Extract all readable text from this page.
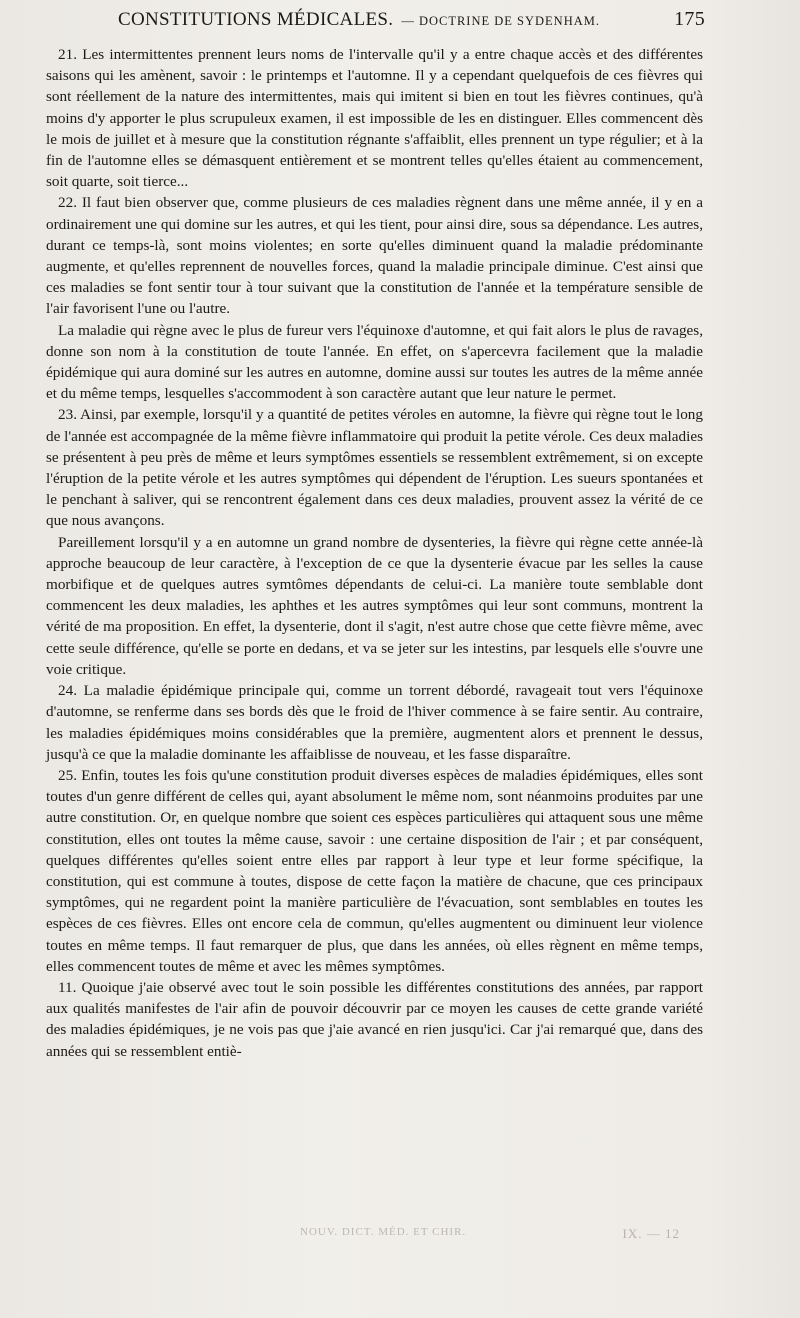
CONSTITUTIONS MÉDICALES. — DOCTRINE DE SYDENHAM.	175

21. Les intermittentes prennent leurs noms de l'intervalle qu'il y a entre chaque accès et des différentes saisons qui les amènent, savoir : le printemps et l'automne. Il y a cependant quelquefois de ces fièvres qui sont réellement de la nature des intermittentes, mais qui imitent si bien en tout les fièvres continues, qu'à moins d'y apporter le plus scrupuleux examen, il est impossible de les en distinguer. Elles commencent dès le mois de juillet et à mesure que la constitution régnante s'affaiblit, elles prennent un type régulier; et à la fin de l'automne elles se démasquent entièrement et se montrent telles qu'elles étaient au commencement, soit quarte, soit tierce...

22. Il faut bien observer que, comme plusieurs de ces maladies règnent dans une même année, il y en a ordinairement une qui domine sur les autres, et qui les tient, pour ainsi dire, sous sa dépendance. Les autres, durant ce temps-là, sont moins violentes; en sorte qu'elles diminuent quand la maladie prédominante augmente, et qu'elles reprennent de nouvelles forces, quand la maladie principale diminue. C'est ainsi que ces maladies se font sentir tour à tour suivant que la constitution de l'année et la température sensible de l'air favorisent l'une ou l'autre.

La maladie qui règne avec le plus de fureur vers l'équinoxe d'automne, et qui fait alors le plus de ravages, donne son nom à la constitution de toute l'année. En effet, on s'apercevra facilement que la maladie épidémique qui aura dominé sur les autres en automne, domine aussi sur toutes les autres de la même année et du même temps, lesquelles s'accommodent à son caractère autant que leur nature le permet.

23. Ainsi, par exemple, lorsqu'il y a quantité de petites véroles en automne, la fièvre qui règne tout le long de l'année est accompagnée de la même fièvre inflammatoire qui produit la petite vérole. Ces deux maladies se présentent à peu près de même et leurs symptômes essentiels se ressemblent extrêmement, si on excepte l'éruption de la petite vérole et les autres symptômes qui dépendent de l'éruption. Les sueurs spontanées et le penchant à saliver, qui se rencontrent également dans ces deux maladies, prouvent assez la vérité de ce que nous avançons.

Pareillement lorsqu'il y a en automne un grand nombre de dysenteries, la fièvre qui règne cette année-là approche beaucoup de leur caractère, à l'exception de ce que la dysenterie évacue par les selles la cause morbifique et de quelques autres symtômes dépendants de celui-ci. La manière toute semblable dont commencent les deux maladies, les aphthes et les autres symptômes qui leur sont communs, montrent la vérité de ma proposition. En effet, la dysenterie, dont il s'agit, n'est autre chose que cette fièvre même, avec cette seule différence, qu'elle se porte en dedans, et va se jeter sur les intestins, par lesquels elle s'ouvre une voie critique.

24. La maladie épidémique principale qui, comme un torrent débordé, ravageait tout vers l'équinoxe d'automne, se renferme dans ses bords dès que le froid de l'hiver commence à se faire sentir. Au contraire, les maladies épidémiques moins considérables que la première, augmentent alors et prennent le dessus, jusqu'à ce que la maladie dominante les affaiblisse de nouveau, et les fasse disparaître.

25. Enfin, toutes les fois qu'une constitution produit diverses espèces de maladies épidémiques, elles sont toutes d'un genre différent de celles qui, ayant absolument le même nom, sont néanmoins produites par une autre constitution. Or, en quelque nombre que soient ces espèces particulières qui attaquent sous une même constitution, elles ont toutes la même cause, savoir : une certaine disposition de l'air ; et par conséquent, quelques différentes qu'elles soient entre elles par rapport à leur type et leur forme spécifique, la constitution, qui est commune à toutes, dispose de cette façon la matière de chacune, que ces principaux symptômes, qui ne regardent point la manière particulière de l'évacuation, sont semblables en toutes les espèces de ces fièvres. Elles ont encore cela de commun, qu'elles augmentent ou diminuent leur violence toutes en même temps. Il faut remarquer de plus, que dans les années, où elles règnent en même temps, elles commencent toutes de même et avec les mêmes symptômes.

11. Quoique j'aie observé avec tout le soin possible les différentes constitutions des années, par rapport aux qualités manifestes de l'air afin de pouvoir découvrir par ce moyen les causes de cette grande variété des maladies épidémiques, je ne vois pas que j'aie avancé en rien jusqu'ici. Car j'ai remarqué que, dans des années qui se ressemblent entiè-

NOUV. DICT. MÉD. ET CHIR.	IX. — 12
